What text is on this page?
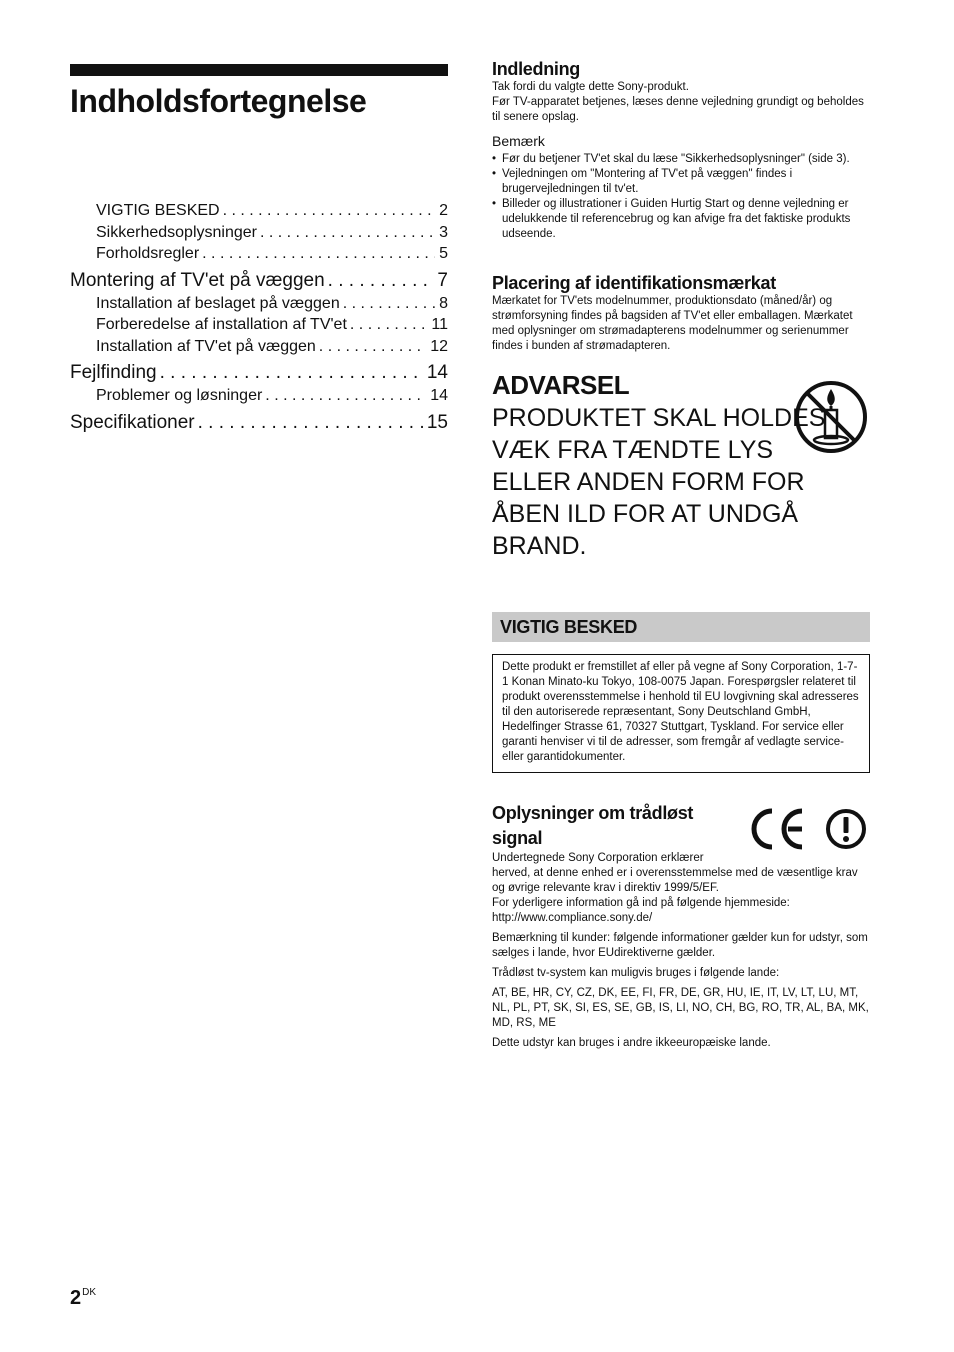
Indholdsfortegnelse
VIGTIG BESKED . . .	2
Sikkerhedsoplysninger . . .	3
Forholdsregler . . .	5
Montering af TV'et på væggen . . .	7
Installation af beslaget på væggen . . .	8
Forberedelse af installation af TV'et . . .	11
Installation af TV'et på væggen . . .	12
Fejlfinding . . .	14
Problemer og løsninger . . .	14
Specifikationer . . .	15
Indledning

Tak fordi du valgte dette Sony-produkt.
Før TV-apparatet betjenes, læses denne vejledning grundigt og beholdes til senere opslag.

Bemærk
• Før du betjener TV'et skal du læse "Sikkerhedsoplysninger" (side 3).
• Vejledningen om "Montering af TV'et på væggen" findes i brugervejledningen til tv'et.
• Billeder og illustrationer i Guiden Hurtig Start og denne vejledning er udelukkende til referencebrug og kan afvige fra det faktiske produkts udseende.
Placering af identifikationsmærkat

Mærkatet for TV'ets modelnummer, produktionsdato (måned/år) og strømforsyning findes på bagsiden af TV'et eller emballagen. Mærkatet med oplysninger om strømadapterens modelnummer og serienummer findes i bunden af strømadapteren.

ADVARSEL
PRODUKTET SKAL HOLDES VÆK FRA TÆNDTE LYS ELLER ANDEN FORM FOR ÅBEN ILD FOR AT UNDGÅ BRAND.
VIGTIG BESKED
Dette produkt er fremstillet af eller på vegne af Sony Corporation, 1-7-1 Konan Minato-ku Tokyo, 108-0075 Japan. Forespørgsler relateret til produkt overensstemmelse i henhold til EU lovgivning skal adresseres til den autoriserede repræsentant, Sony Deutschland GmbH, Hedelfinger Strasse 61, 70327 Stuttgart, Tyskland. For service eller garanti henviser vi til de adresser, som fremgår af vedlagte service- eller garantidokumenter.
Oplysninger om trådløst signal

Undertegnede Sony Corporation erklærer
herved, at denne enhed er i overensstemmelse med de væsentlige krav og øvrige relevante krav i direktiv 1999/5/EF.
For yderligere information gå ind på følgende hjemmeside:
http://www.compliance.sony.de/

Bemærkning til kunder: følgende informationer gælder kun for udstyr, som sælges i lande, hvor EUdirektiverne gælder.

Trådløst tv-system kan muligvis bruges i følgende lande:

AT, BE, HR, CY, CZ, DK, EE, FI, FR, DE, GR, HU, IE, IT, LV, LT, LU, MT, NL, PL, PT, SK, SI, ES, SE, GB, IS, LI, NO, CH, BG, RO, TR, AL, BA, MK, MD, RS, ME

Dette udstyr kan bruges i andre ikkeeuropæiske lande.

$2^{DK}$
